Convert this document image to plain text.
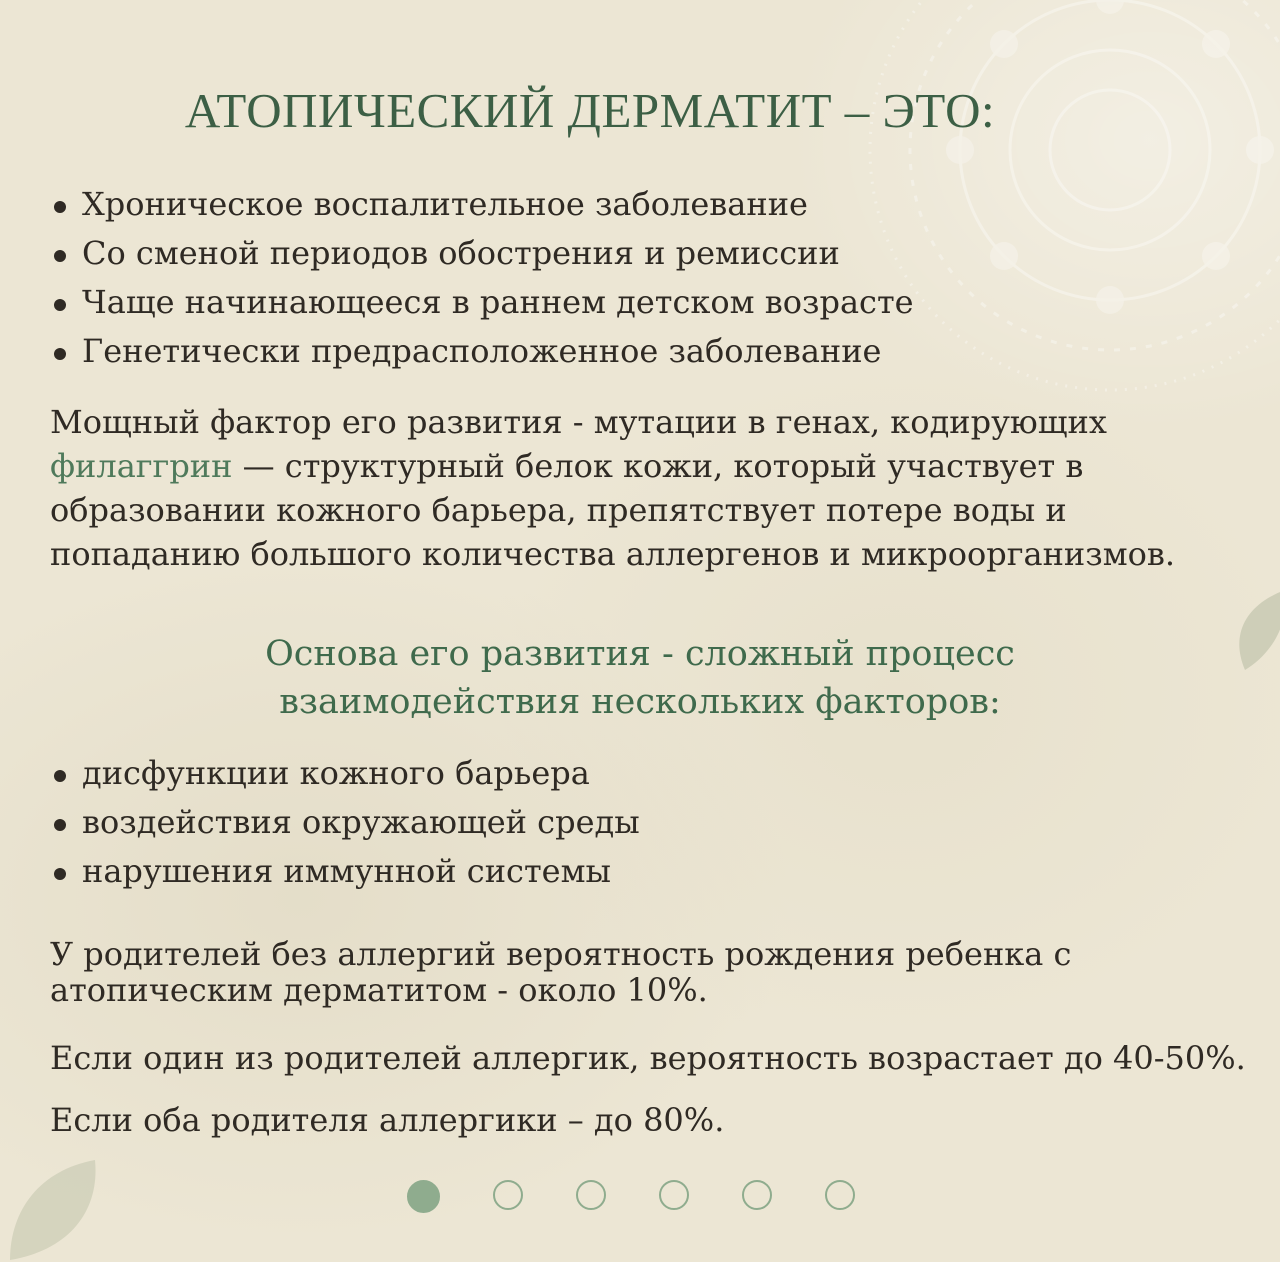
АТОПИЧЕСКИЙ ДЕРМАТИТ – ЭТО:
Хроническое воспалительное заболевание
Со сменой периодов обострения и ремиссии
Чаще начинающееся в раннем детском возрасте
Генетически предрасположенное заболевание

Мощный фактор его развития - мутации в генах, кодирующих
филаггрин — структурный белок кожи, который участвует в
образовании кожного барьера, препятствует потере воды и
попаданию большого количества аллергенов и микроорганизмов.

Основа его развития - сложный процесс
взаимодействия нескольких факторов:
дисфункции кожного барьера
воздействия окружающей среды
нарушения иммунной системы

У родителей без аллергий вероятность рождения ребенка с
атопическим дерматитом - около 10%.

Если один из родителей аллергик, вероятность возрастает до 40-50%.

Если оба родителя аллергики – до 80%.
